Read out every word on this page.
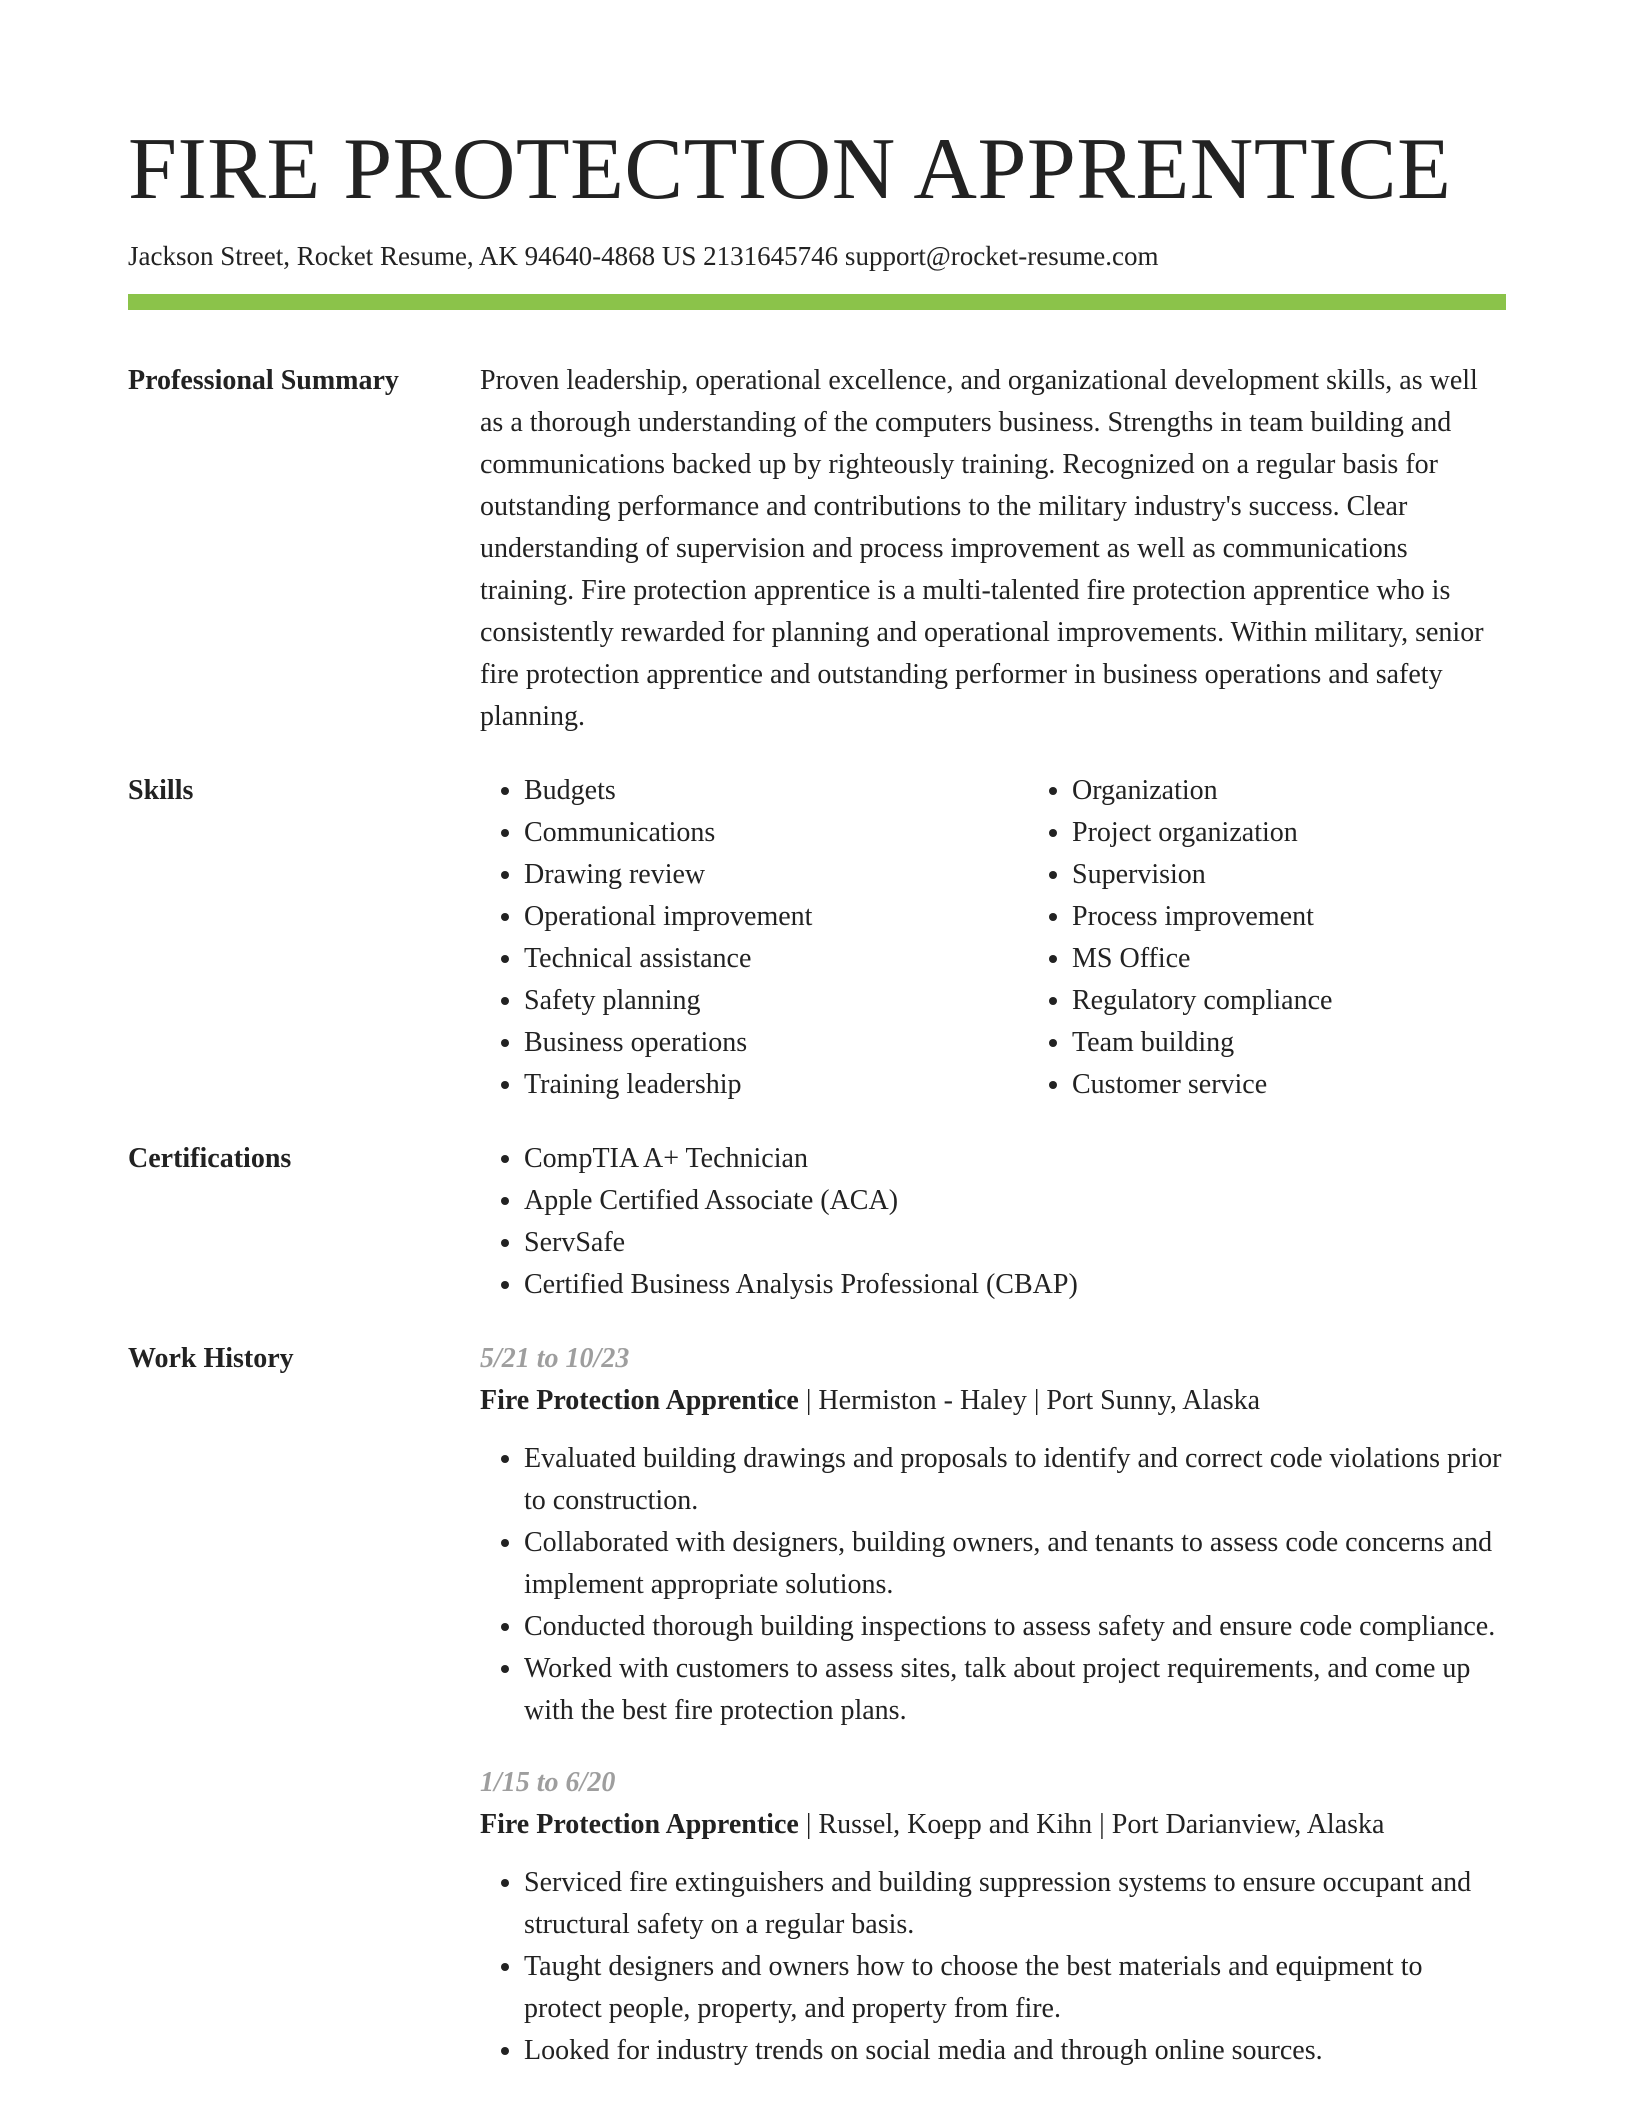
FIRE PROTECTION APPRENTICE
Jackson Street, Rocket Resume, AK 94640-4868 US 2131645746 support@rocket-resume.com
Professional Summary	Proven leadership, operational excellence, and organizational development skills, as well as a thorough understanding of the computers business. Strengths in team building and communications backed up by righteously training. Recognized on a regular basis for outstanding performance and contributions to the military industry's success. Clear understanding of supervision and process improvement as well as communications training. Fire protection apprentice is a multi-talented fire protection apprentice who is consistently rewarded for planning and operational improvements. Within military, senior fire protection apprentice and outstanding performer in business operations and safety planning.
Skills	• Budgets
• Communications
• Drawing review
• Operational improvement
• Technical assistance
• Safety planning
• Business operations
• Training leadership
• Organization
• Project organization
• Supervision
• Process improvement
• MS Office
• Regulatory compliance
• Team building
• Customer service
Certifications	• CompTIA A+ Technician
• Apple Certified Associate (ACA)
• ServSafe
• Certified Business Analysis Professional (CBAP)
Work History	5/21 to 10/23
Fire Protection Apprentice | Hermiston - Haley | Port Sunny, Alaska
• Evaluated building drawings and proposals to identify and correct code violations prior to construction.
• Collaborated with designers, building owners, and tenants to assess code concerns and implement appropriate solutions.
• Conducted thorough building inspections to assess safety and ensure code compliance.
• Worked with customers to assess sites, talk about project requirements, and come up with the best fire protection plans.
1/15 to 6/20
Fire Protection Apprentice | Russel, Koepp and Kihn | Port Darianview, Alaska
• Serviced fire extinguishers and building suppression systems to ensure occupant and structural safety on a regular basis.
• Taught designers and owners how to choose the best materials and equipment to protect people, property, and property from fire.
• Looked for industry trends on social media and through online sources.
